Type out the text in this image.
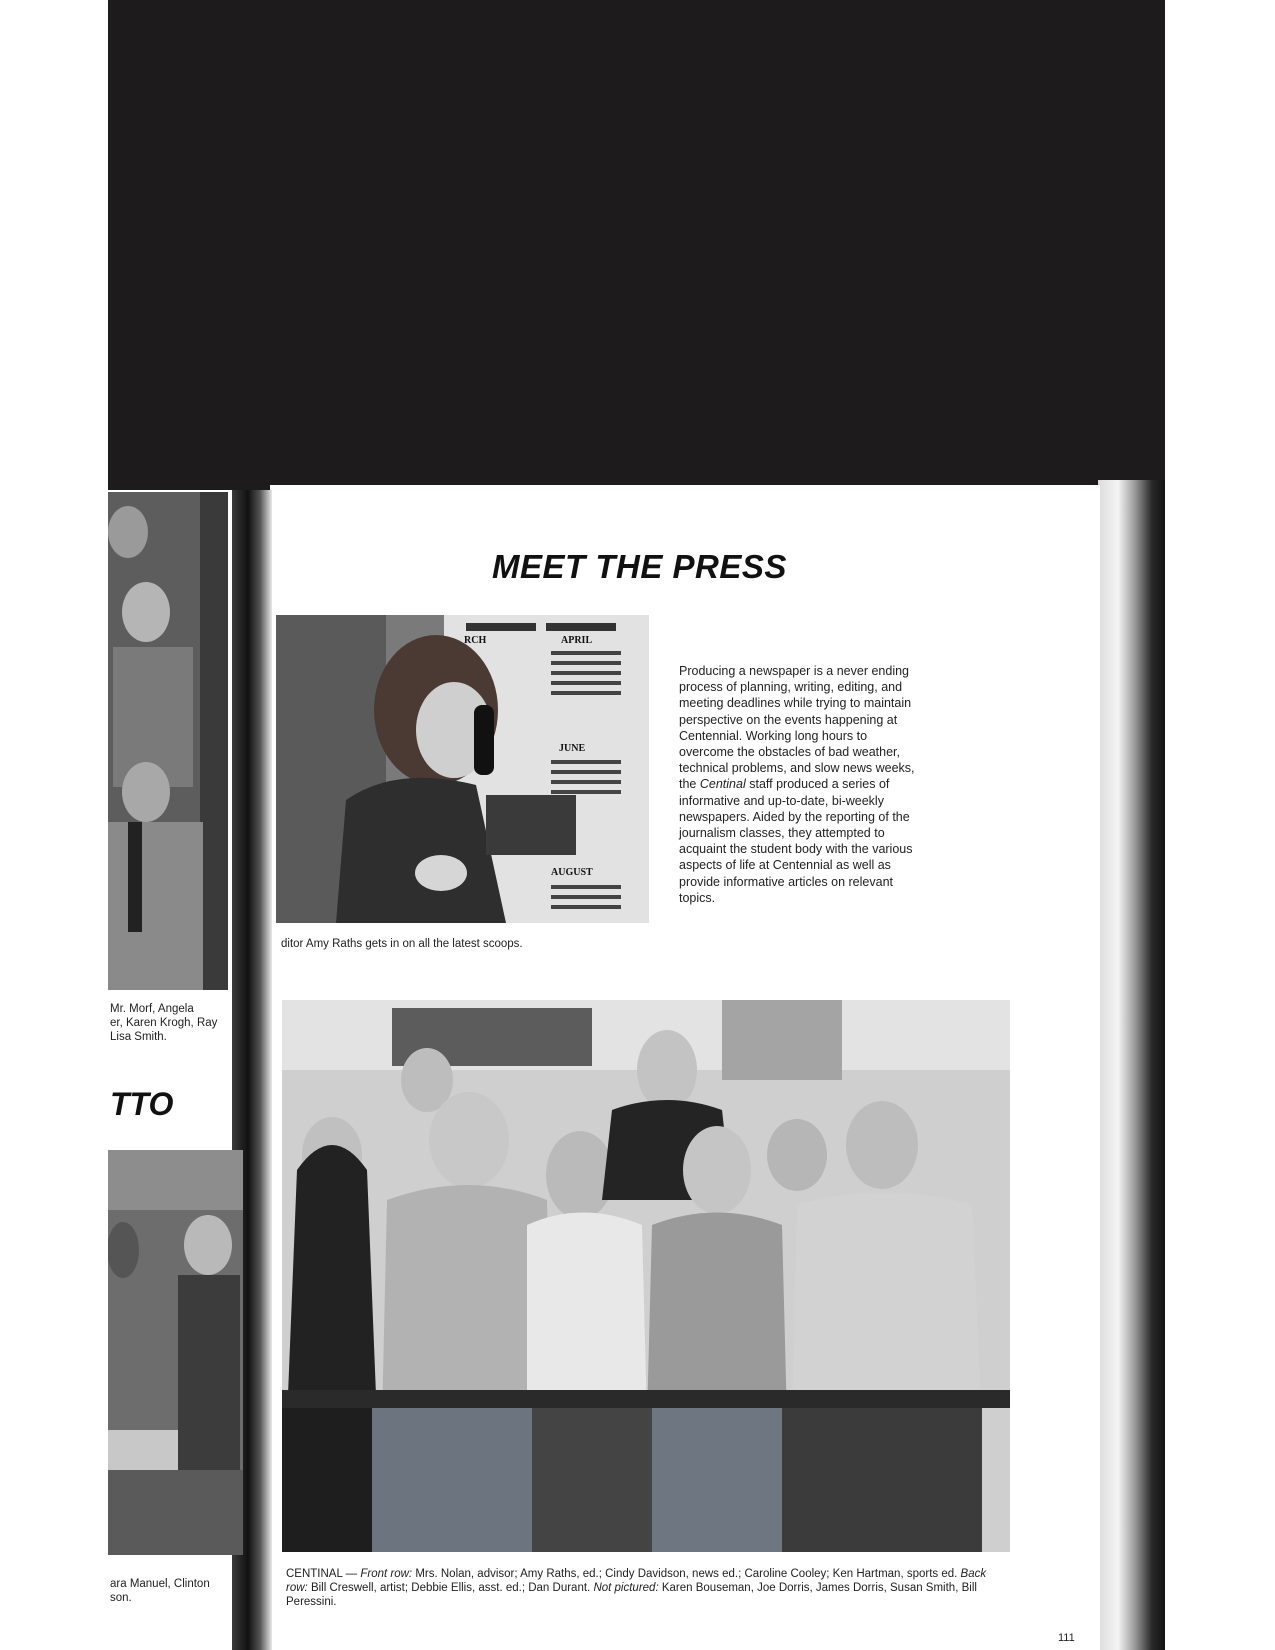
Mr. Morf, Angela
er, Karen Krogh, Ray
Lisa Smith.
TTO
ara Manuel, Clinton
son.
MEET THE PRESS
RCH	APRIL
JUNE
AUGUST
ditor Amy Raths gets in on all the latest scoops.
Producing a newspaper is a never ending process of planning, writing, editing, and meeting deadlines while trying to maintain perspective on the events happening at Centennial. Working long hours to overcome the obstacles of bad weather, technical problems, and slow news weeks, the Centinal staff produced a series of informative and up-to-date, bi-weekly newspapers. Aided by the reporting of the journalism classes, they attempted to acquaint the student body with the various aspects of life at Centennial as well as provide informative articles on relevant topics.
CENTINAL — Front row: Mrs. Nolan, advisor; Amy Raths, ed.; Cindy Davidson, news ed.; Caroline Cooley; Ken Hartman, sports ed. Back row: Bill Creswell, artist; Debbie Ellis, asst. ed.; Dan Durant. Not pictured: Karen Bouseman, Joe Dorris, James Dorris, Susan Smith, Bill Peressini.
111
